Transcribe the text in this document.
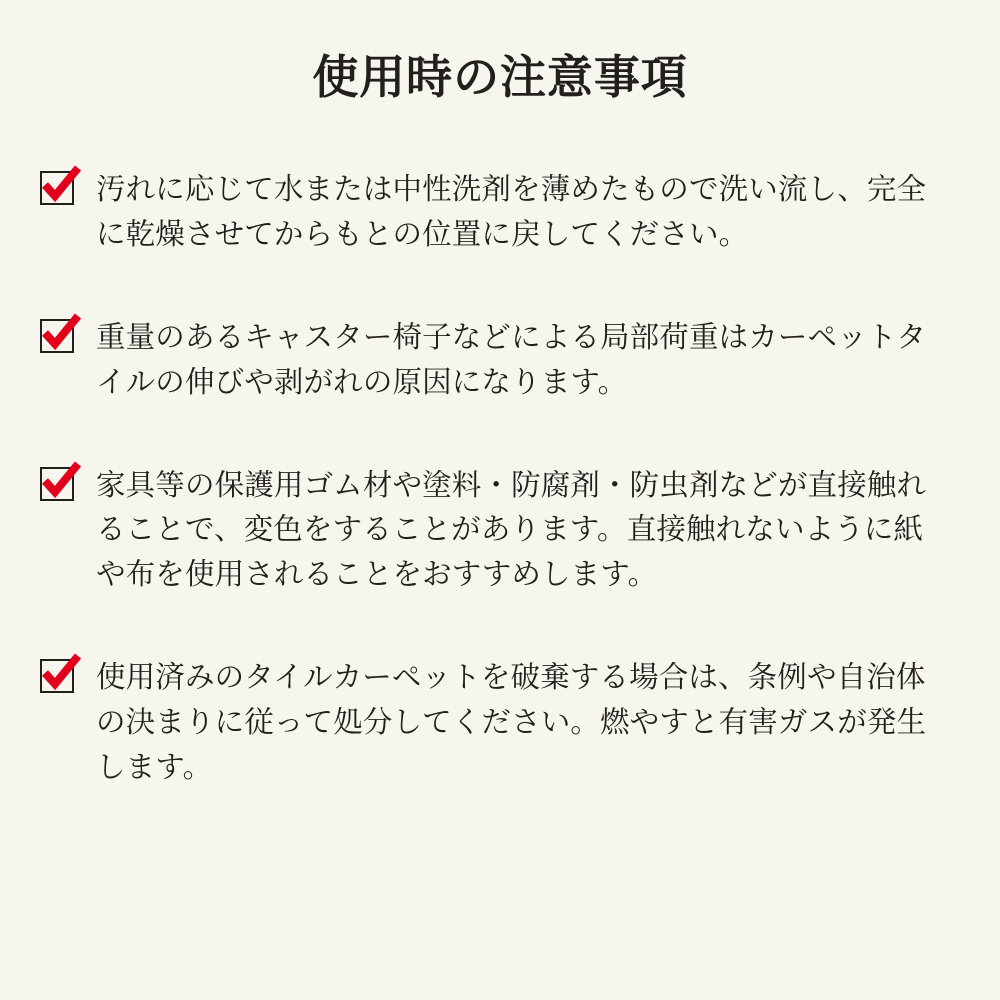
使用時の注意事項
汚れに応じて水または中性洗剤を薄めたもので洗い流し、完全に乾燥させてからもとの位置に戻してください。
重量のあるキャスター椅子などによる局部荷重はカーペットタイルの伸びや剥がれの原因になります。
家具等の保護用ゴム材や塗料・防腐剤・防虫剤などが直接触れることで、変色をすることがあります。直接触れないように紙や布を使用されることをおすすめします。
使用済みのタイルカーペットを破棄する場合は、条例や自治体の決まりに従って処分してください。燃やすと有害ガスが発生します。
